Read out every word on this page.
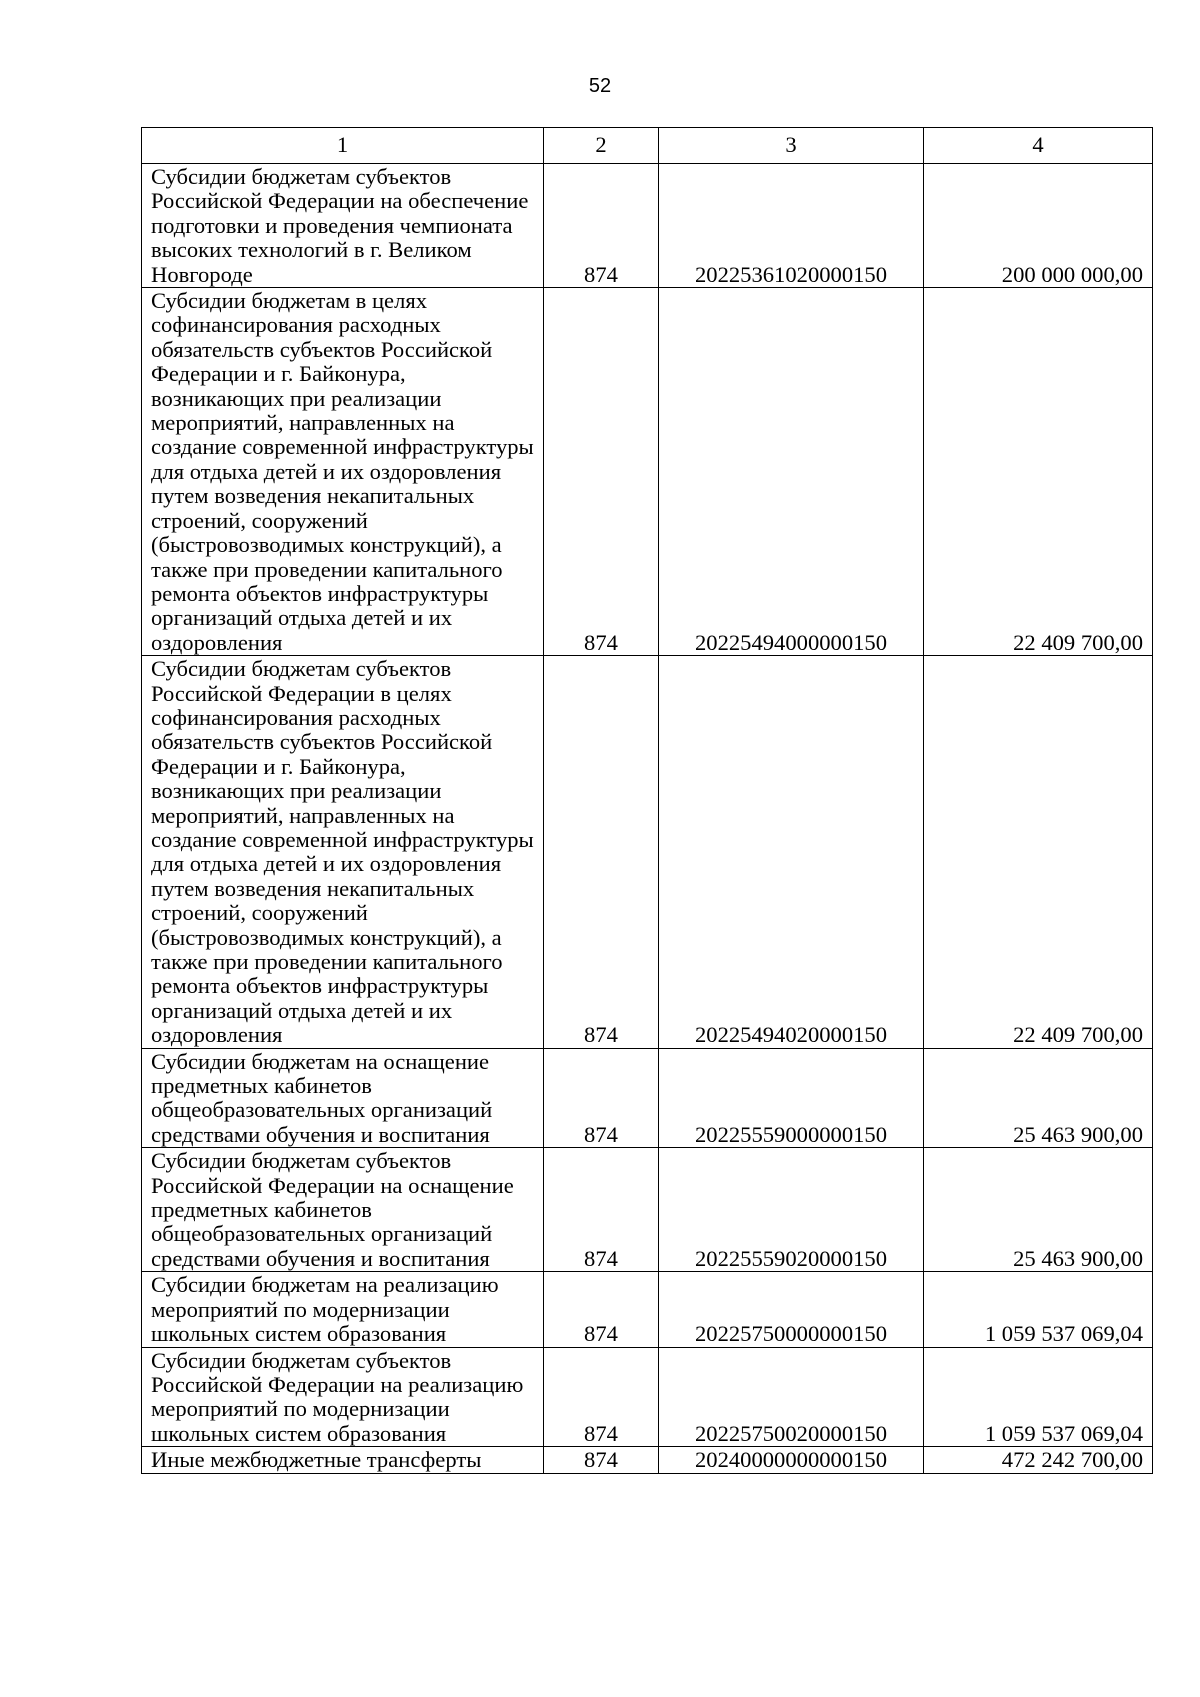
52
1	2	3	4
Субсидии бюджетам субъектов Российской Федерации на обеспечение подготовки и проведения чемпионата высоких технологий в г. Великом Новгороде	874	20225361020000150	200 000 000,00
Субсидии бюджетам в целях софинансирования расходных обязательств субъектов Российской Федерации и г. Байконура, возникающих при реализации мероприятий, направленных на создание современной инфраструктуры для отдыха детей и их оздоровления путем возведения некапитальных строений, сооружений (быстровозводимых конструкций), а также при проведении капитального ремонта объектов инфраструктуры организаций отдыха детей и их оздоровления	874	20225494000000150	22 409 700,00
Субсидии бюджетам субъектов Российской Федерации в целях софинансирования расходных обязательств субъектов Российской Федерации и г. Байконура, возникающих при реализации мероприятий, направленных на создание современной инфраструктуры для отдыха детей и их оздоровления путем возведения некапитальных строений, сооружений (быстровозводимых конструкций), а также при проведении капитального ремонта объектов инфраструктуры организаций отдыха детей и их оздоровления	874	20225494020000150	22 409 700,00
Субсидии бюджетам на оснащение предметных кабинетов общеобразовательных организаций средствами обучения и воспитания	874	20225559000000150	25 463 900,00
Субсидии бюджетам субъектов Российской Федерации на оснащение предметных кабинетов общеобразовательных организаций средствами обучения и воспитания	874	20225559020000150	25 463 900,00
Субсидии бюджетам на реализацию мероприятий по модернизации школьных систем образования	874	20225750000000150	1 059 537 069,04
Субсидии бюджетам субъектов Российской Федерации на реализацию мероприятий по модернизации школьных систем образования	874	20225750020000150	1 059 537 069,04
Иные межбюджетные трансферты	874	20240000000000150	472 242 700,00
